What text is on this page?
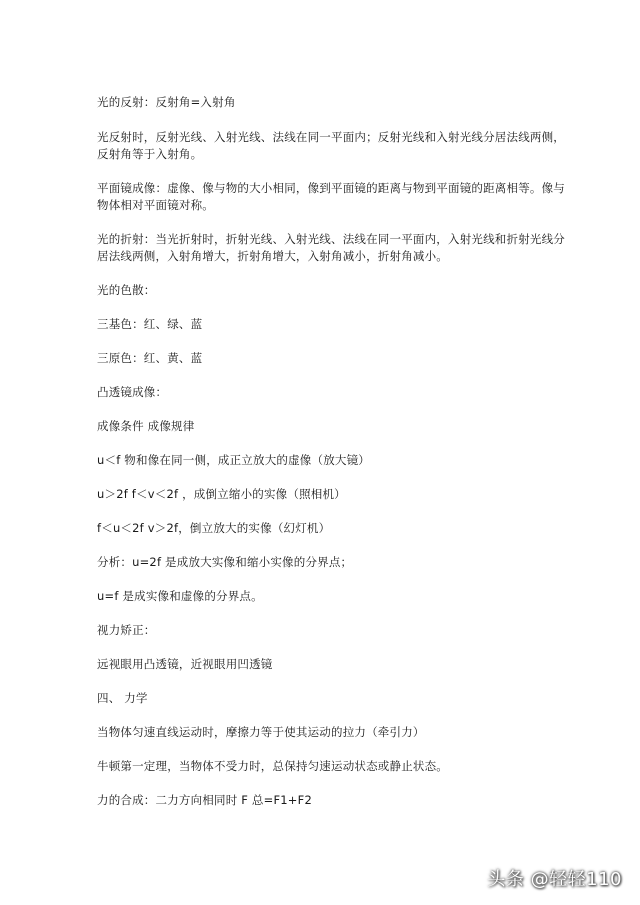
光的反射：反射角=入射角
光反射时，反射光线、入射光线、法线在同一平面内；反射光线和入射光线分居法线两侧，
反射角等于入射角。
平面镜成像：虚像、像与物的大小相同，像到平面镜的距离与物到平面镜的距离相等。像与
物体相对平面镜对称。
光的折射：当光折射时，折射光线、入射光线、法线在同一平面内，入射光线和折射光线分
居法线两侧，入射角增大，折射角增大，入射角减小，折射角减小。
光的色散：
三基色：红、绿、蓝
三原色：红、黄、蓝
凸透镜成像：
成像条件 成像规律
u＜f 物和像在同一侧，成正立放大的虚像（放大镜）
u＞2f f＜v＜2f ，成倒立缩小的实像（照相机）
f＜u＜2f v＞2f，倒立放大的实像（幻灯机）
分析：u=2f 是成放大实像和缩小实像的分界点；
u=f 是成实像和虚像的分界点。
视力矫正：
远视眼用凸透镜，近视眼用凹透镜
四、 力学
当物体匀速直线运动时，摩擦力等于使其运动的拉力（牵引力）
牛顿第一定理，当物体不受力时，总保持匀速运动状态或静止状态。
力的合成：二力方向相同时 F 总=F1+F2
头条 @轻轻110
